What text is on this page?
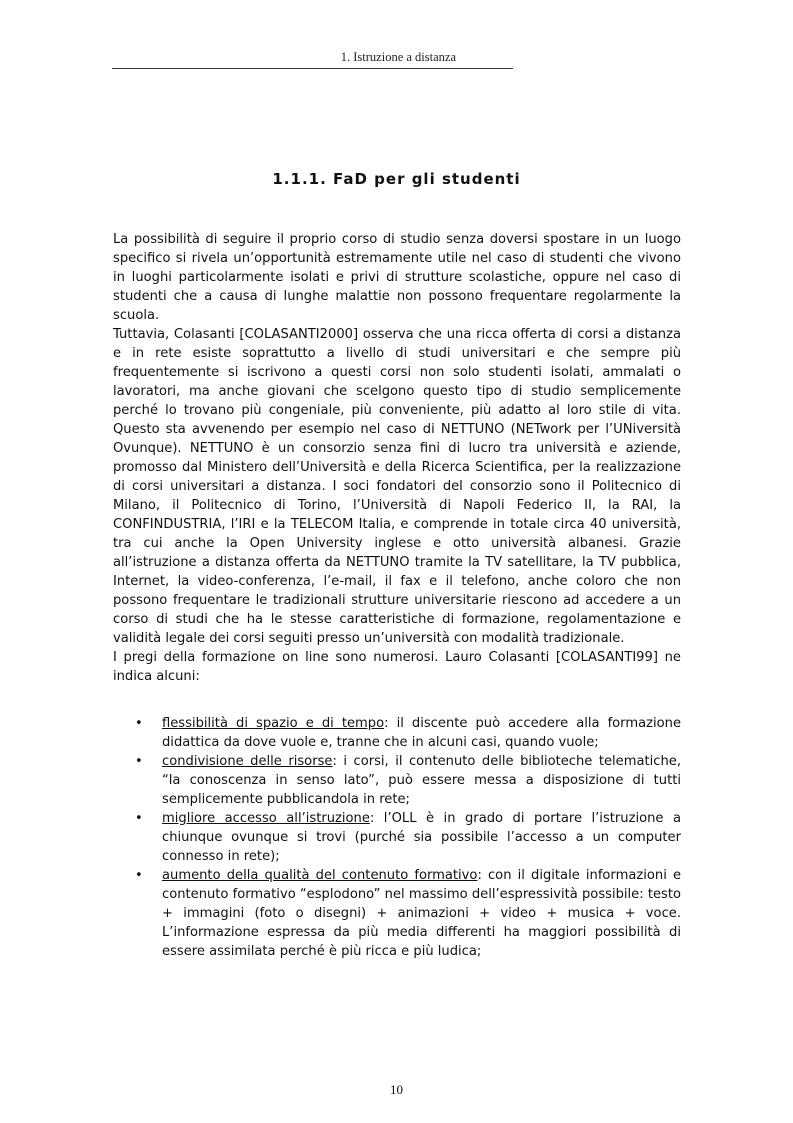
1. Istruzione a distanza
1.1.1. FaD per gli studenti

La possibilità di seguire il proprio corso di studio senza doversi spostare in un luogo specifico si rivela un’opportunità estremamente utile nel caso di studenti che vivono in luoghi particolarmente isolati e privi di strutture scolastiche, oppure nel caso di studenti che a causa di lunghe malattie non possono frequentare regolarmente la scuola.

Tuttavia, Colasanti [COLASANTI2000] osserva che una ricca offerta di corsi a distanza e in rete esiste soprattutto a livello di studi universitari e che sempre più frequentemente si iscrivono a questi corsi non solo studenti isolati, ammalati o lavoratori, ma anche giovani che scelgono questo tipo di studio semplicemente perché lo trovano più congeniale, più conveniente, più adatto al loro stile di vita. Questo sta avvenendo per esempio nel caso di NETTUNO (NETwork per l’UNiversità Ovunque). NETTUNO è un consorzio senza fini di lucro tra università e aziende, promosso dal Ministero dell’Università e della Ricerca Scientifica, per la realizzazione di corsi universitari a distanza. I soci fondatori del consorzio sono il Politecnico di Milano, il Politecnico di Torino, l’Università di Napoli Federico II, la RAI, la CONFINDUSTRIA, l’IRI e la TELECOM Italia, e comprende in totale circa 40 università, tra cui anche la Open University inglese e otto università albanesi. Grazie all’istruzione a distanza offerta da NETTUNO tramite la TV satellitare, la TV pubblica, Internet, la video-conferenza, l’e-mail, il fax e il telefono, anche coloro che non possono frequentare le tradizionali strutture universitarie riescono ad accedere a un corso di studi che ha le stesse caratteristiche di formazione, regolamentazione e validità legale dei corsi seguiti presso un’università con modalità tradizionale.

I pregi della formazione on line sono numerosi. Lauro Colasanti [COLASANTI99] ne indica alcuni:

• flessibilità di spazio e di tempo: il discente può accedere alla formazione didattica da dove vuole e, tranne che in alcuni casi, quando vuole;
• condivisione delle risorse: i corsi, il contenuto delle biblioteche telematiche, “la conoscenza in senso lato”, può essere messa a disposizione di tutti semplicemente pubblicandola in rete;
• migliore accesso all’istruzione: l’OLL è in grado di portare l’istruzione a chiunque ovunque si trovi (purché sia possibile l’accesso a un computer connesso in rete);
• aumento della qualità del contenuto formativo: con il digitale informazioni e contenuto formativo “esplodono” nel massimo dell’espressività possibile: testo + immagini (foto o disegni) + animazioni + video + musica + voce. L’informazione espressa da più media differenti ha maggiori possibilità di essere assimilata perché è più ricca e più ludica;
10
